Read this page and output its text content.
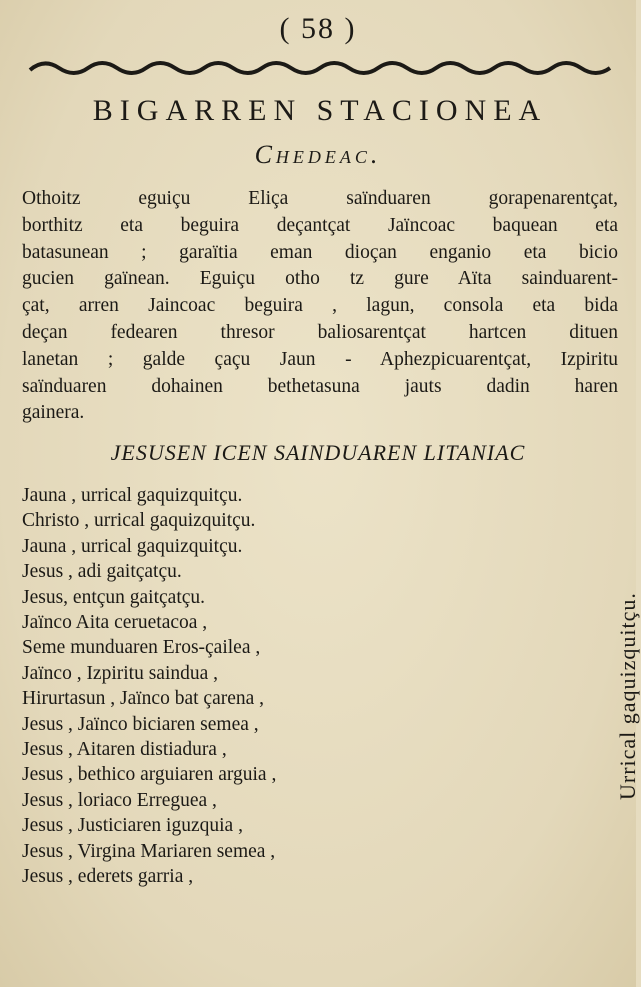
( 58 )
BIGARREN STACIONEA
Chedeac.
Othoitz eguiçu Eliça saïnduaren gorapenarentçat,
borthitz eta beguira deçantçat Jaïncoac baquean eta
batasunean ; garaïtia eman dioçan enganio eta bicio
gucien gaïnean. Eguiçu otho tz gure Aïta sainduarent-
çat, arren Jaincoac beguira , lagun, consola eta bida
deçan fedearen thresor baliosarentçat hartcen dituen
lanetan ; galde çaçu Jaun - Aphezpicuarentçat, Izpiritu
saïnduaren dohainen bethetasuna jauts dadin haren
gainera.
JESUSEN ICEN SAINDUAREN LITANIAC
Jauna , urrical gaquizquitçu.
Christo , urrical gaquizquitçu.
Jauna , urrical gaquizquitçu.
Jesus , adi gaitçatçu.
Jesus, entçun gaitçatçu.
Jaïnco Aita ceruetacoa ,
Seme munduaren Eros-çailea ,
Jaïnco , Izpiritu saindua ,
Hirurtasun , Jaïnco bat çarena ,
Jesus , Jaïnco biciaren semea ,
Jesus , Aitaren distiadura ,
Jesus , bethico arguiaren arguia ,
Jesus , loriaco Erreguea ,
Jesus , Justiciaren iguzquia ,
Jesus , Virgina Mariaren semea ,
Jesus , ederets garria ,
Urrical gaquizquitçu.
